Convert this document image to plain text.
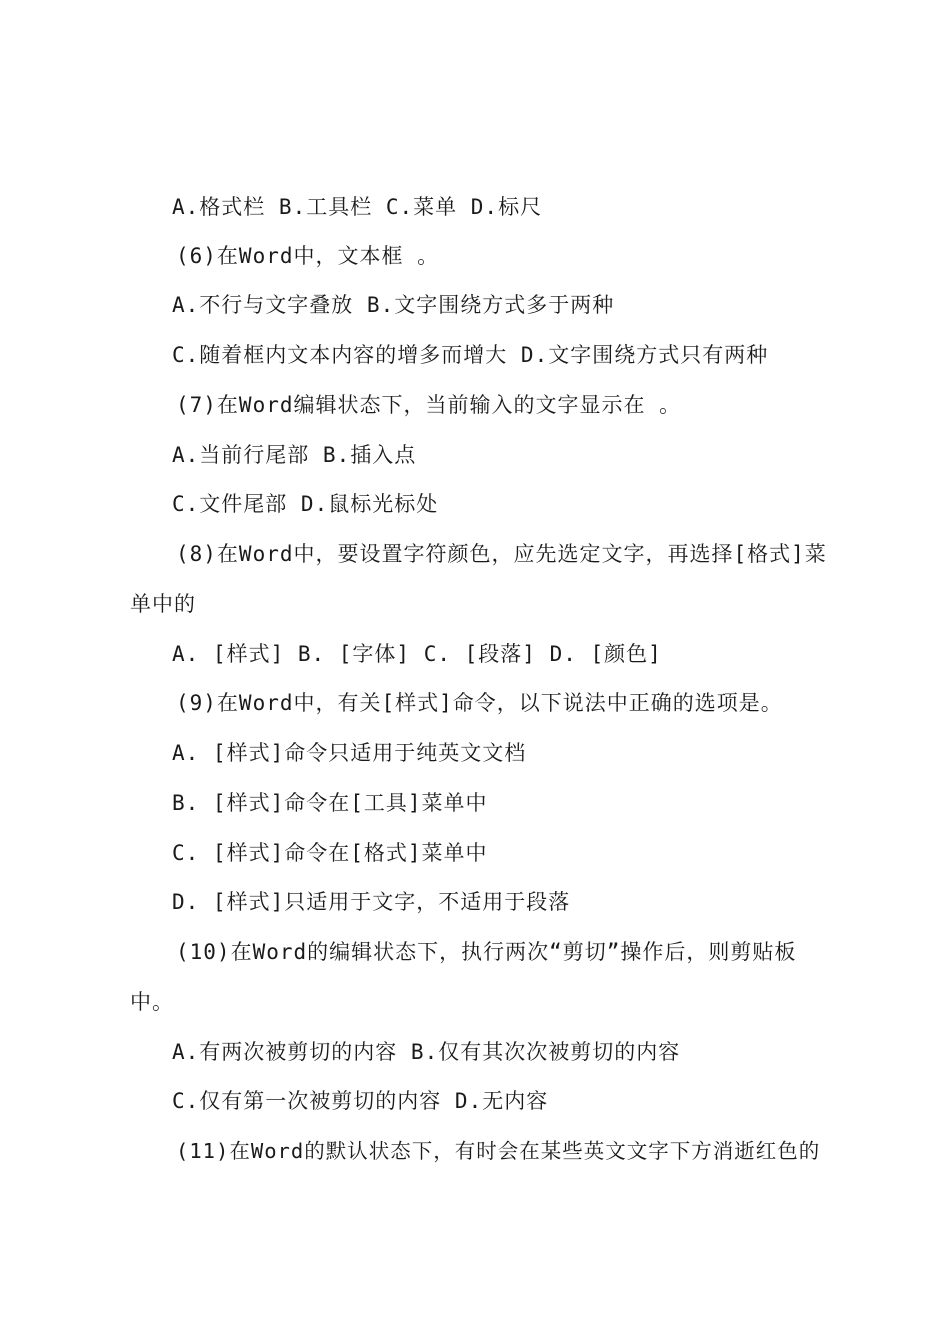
A.格式栏 B.工具栏 C.菜单 D.标尺
(6)在Word中，文本框 。
A.不行与文字叠放 B.文字围绕方式多于两种
C.随着框内文本内容的增多而增大 D.文字围绕方式只有两种
(7)在Word编辑状态下，当前输入的文字显示在 。
A.当前行尾部 B.插入点
C.文件尾部 D.鼠标光标处
(8)在Word中，要设置字符颜色，应先选定文字，再选择[格式]菜
单中的
A. [样式] B. [字体] C. [段落] D. [颜色]
(9)在Word中，有关[样式]命令，以下说法中正确的选项是。
A. [样式]命令只适用于纯英文文档
B. [样式]命令在[工具]菜单中
C. [样式]命令在[格式]菜单中
D. [样式]只适用于文字，不适用于段落
(10)在Word的编辑状态下，执行两次“剪切”操作后，则剪贴板
中。
A.有两次被剪切的内容 B.仅有其次次被剪切的内容
C.仅有第一次被剪切的内容 D.无内容
(11)在Word的默认状态下，有时会在某些英文文字下方消逝红色的
